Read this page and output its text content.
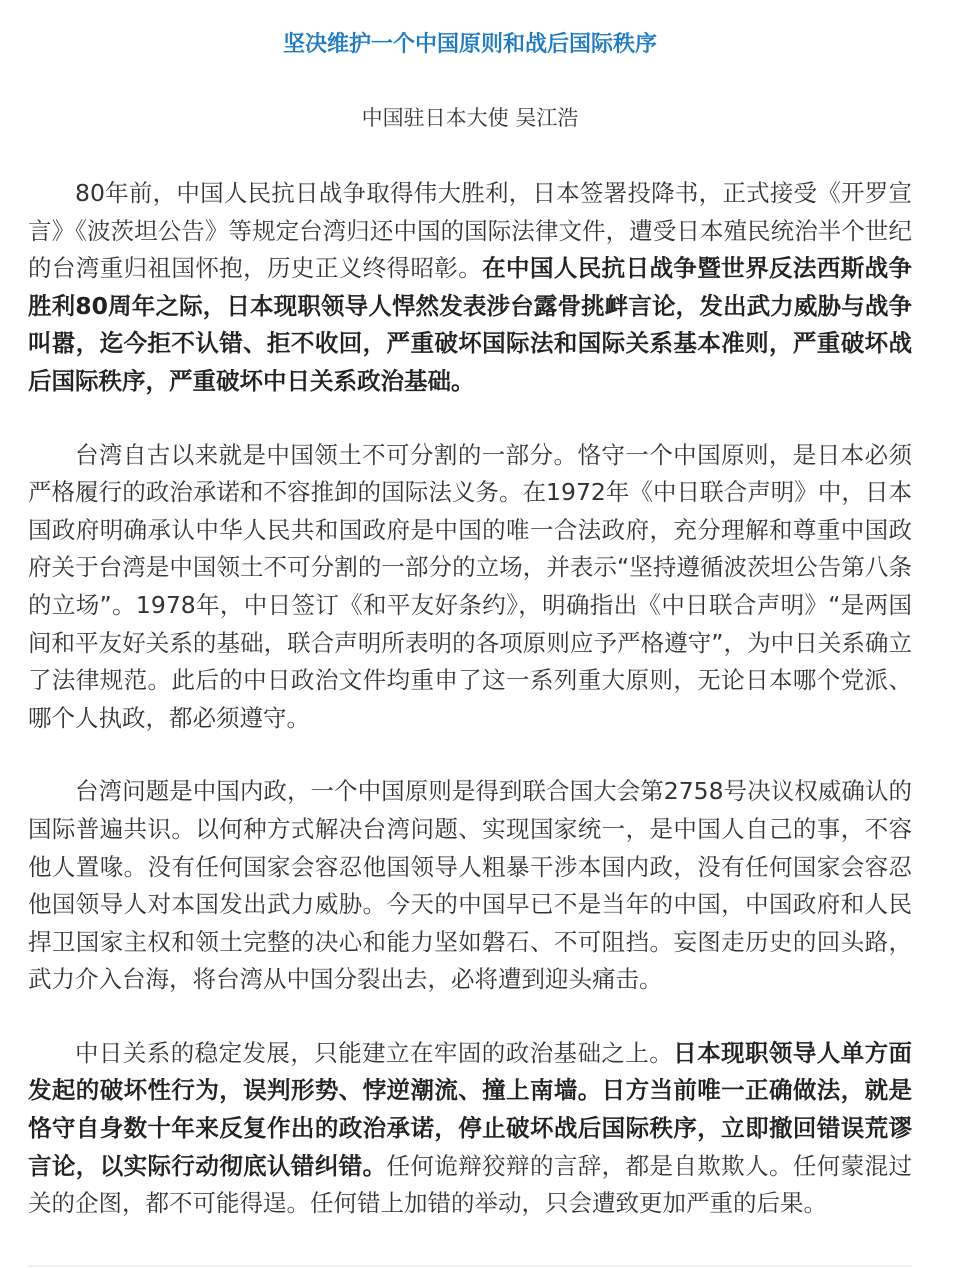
坚决维护一个中国原则和战后国际秩序
中国驻日本大使 吴江浩

80年前，中国人民抗日战争取得伟大胜利，日本签署投降书，正式接受《开罗宣言》《波茨坦公告》等规定台湾归还中国的国际法律文件，遭受日本殖民统治半个世纪的台湾重归祖国怀抱，历史正义终得昭彰。在中国人民抗日战争暨世界反法西斯战争胜利80周年之际，日本现职领导人悍然发表涉台露骨挑衅言论，发出武力威胁与战争叫嚣，迄今拒不认错、拒不收回，严重破坏国际法和国际关系基本准则，严重破坏战后国际秩序，严重破坏中日关系政治基础。

台湾自古以来就是中国领土不可分割的一部分。恪守一个中国原则，是日本必须严格履行的政治承诺和不容推卸的国际法义务。在1972年《中日联合声明》中，日本国政府明确承认中华人民共和国政府是中国的唯一合法政府，充分理解和尊重中国政府关于台湾是中国领土不可分割的一部分的立场，并表示“坚持遵循波茨坦公告第八条的立场”。1978年，中日签订《和平友好条约》，明确指出《中日联合声明》“是两国间和平友好关系的基础，联合声明所表明的各项原则应予严格遵守”，为中日关系确立了法律规范。此后的中日政治文件均重申了这一系列重大原则，无论日本哪个党派、哪个人执政，都必须遵守。

台湾问题是中国内政，一个中国原则是得到联合国大会第2758号决议权威确认的国际普遍共识。以何种方式解决台湾问题、实现国家统一，是中国人自己的事，不容他人置喙。没有任何国家会容忍他国领导人粗暴干涉本国内政，没有任何国家会容忍他国领导人对本国发出武力威胁。今天的中国早已不是当年的中国，中国政府和人民捍卫国家主权和领土完整的决心和能力坚如磐石、不可阻挡。妄图走历史的回头路，武力介入台海，将台湾从中国分裂出去，必将遭到迎头痛击。

中日关系的稳定发展，只能建立在牢固的政治基础之上。日本现职领导人单方面发起的破坏性行为，误判形势、悖逆潮流、撞上南墙。日方当前唯一正确做法，就是恪守自身数十年来反复作出的政治承诺，停止破坏战后国际秩序，立即撤回错误荒谬言论，以实际行动彻底认错纠错。任何诡辩狡辩的言辞，都是自欺欺人。任何蒙混过关的企图，都不可能得逞。任何错上加错的举动，只会遭致更加严重的后果。
